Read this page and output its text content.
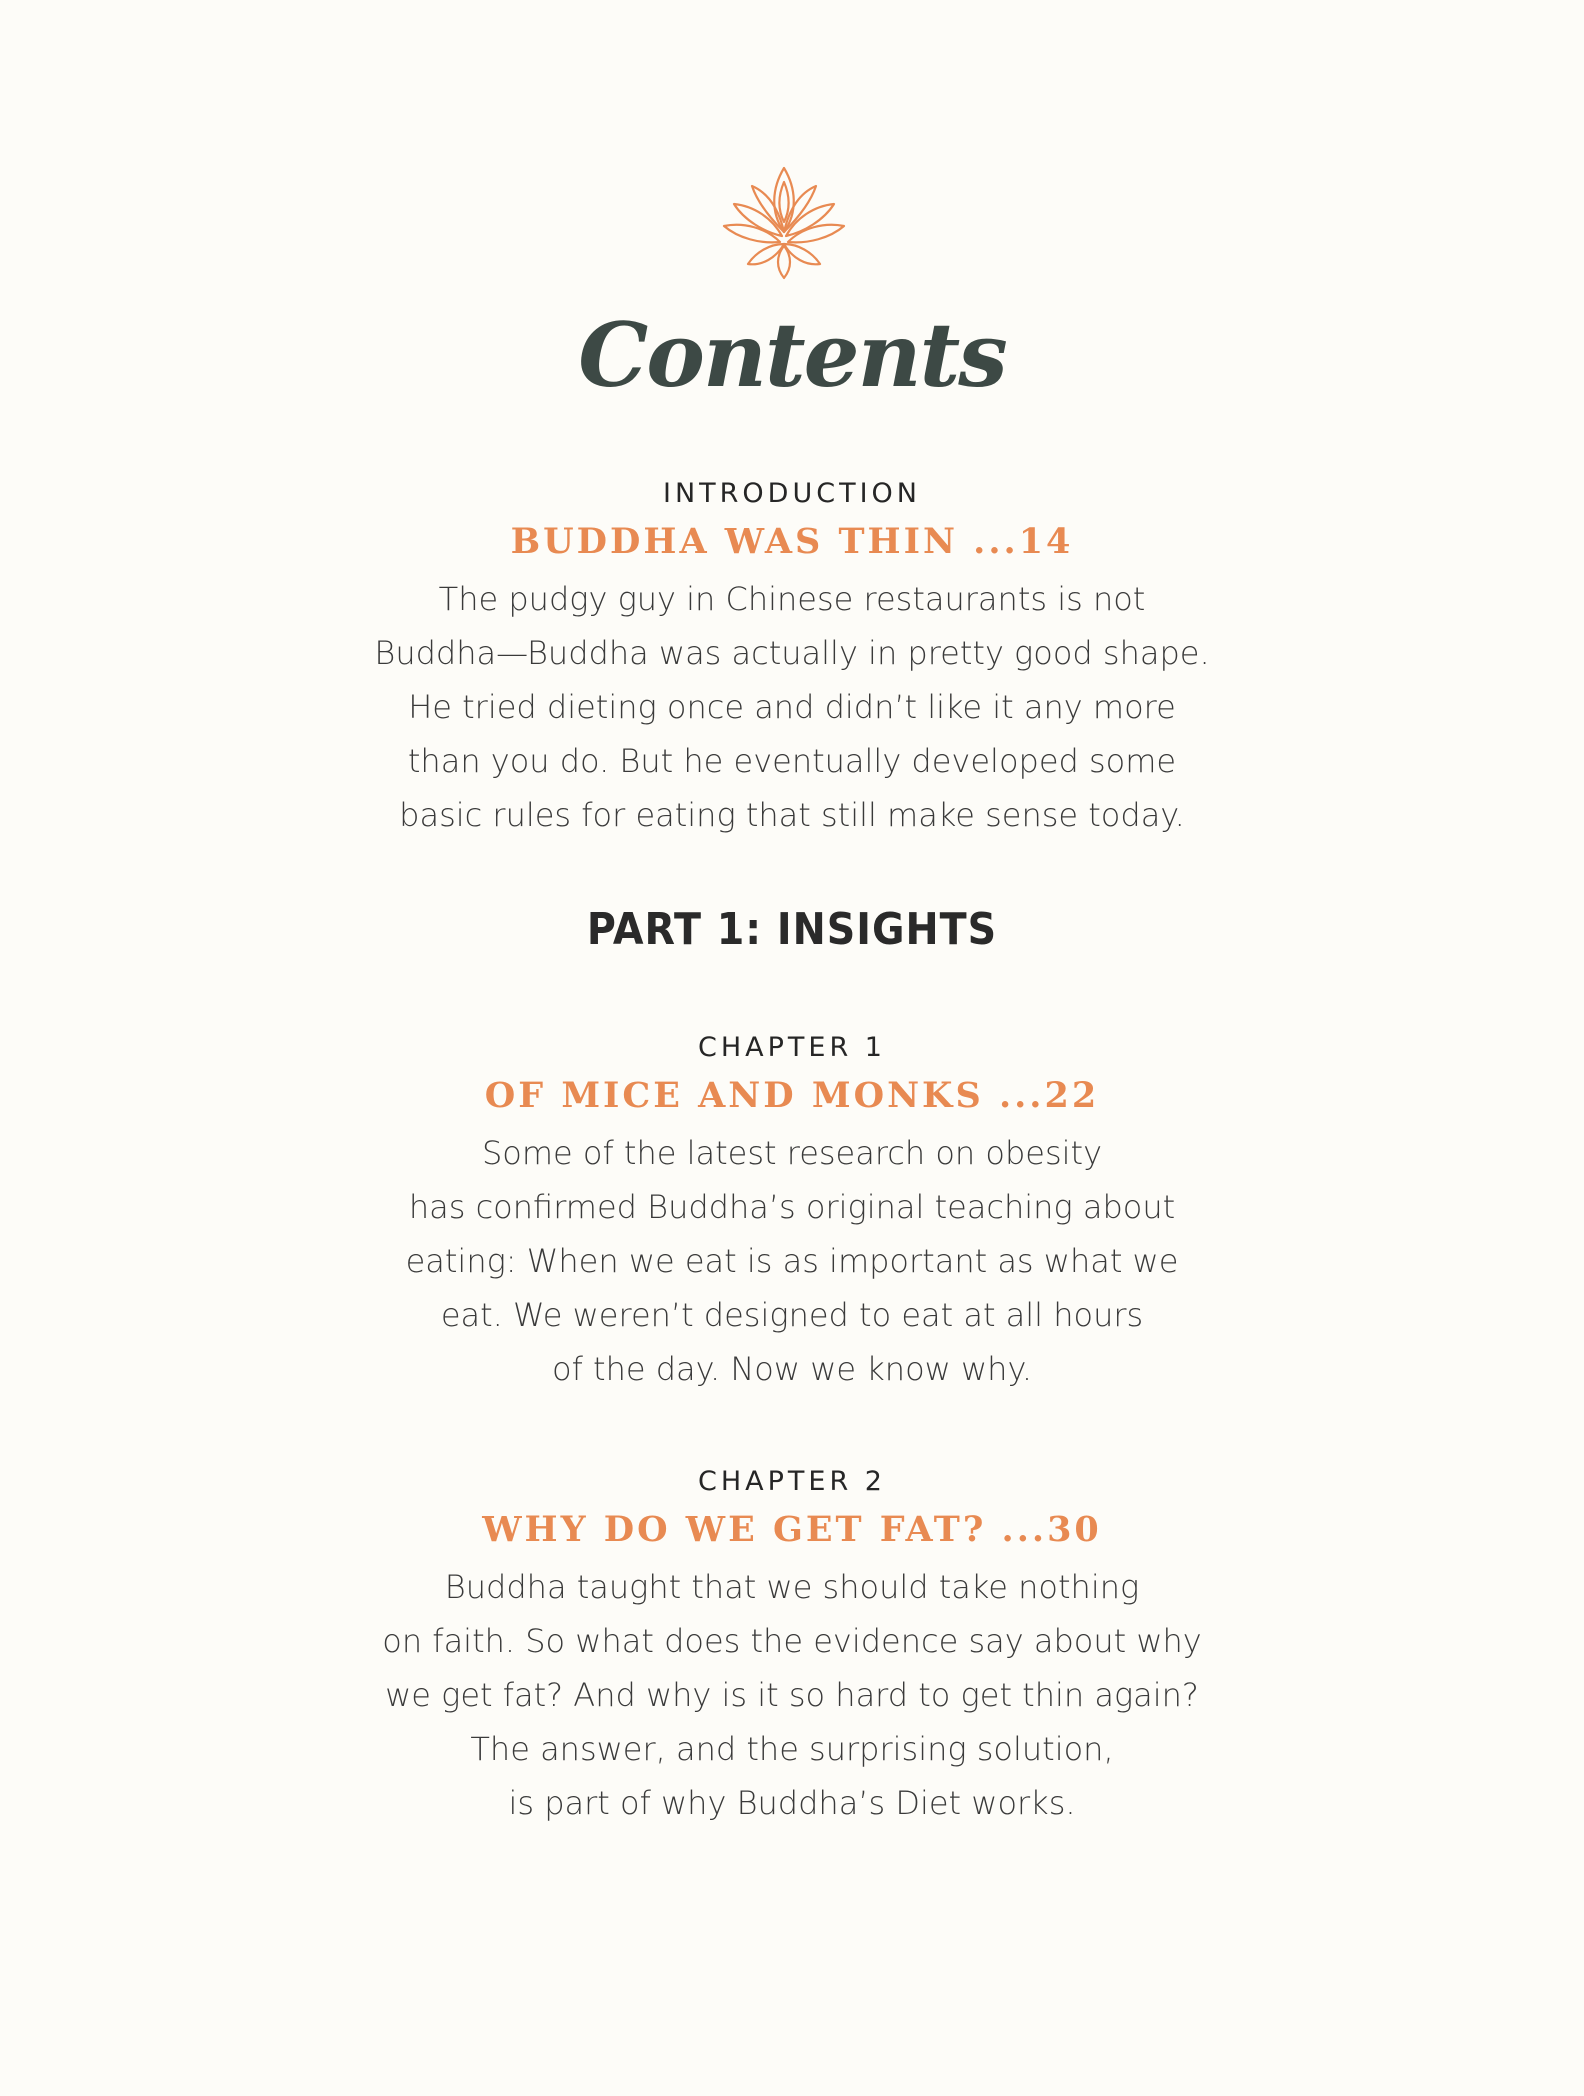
Contents

INTRODUCTION

BUDDHA WAS THIN ...14

The pudgy guy in Chinese restaurants is not
Buddha—Buddha was actually in pretty good shape.
He tried dieting once and didn’t like it any more
than you do. But he eventually developed some
basic rules for eating that still make sense today.

PART 1: INSIGHTS

CHAPTER 1

OF MICE AND MONKS ...22

Some of the latest research on obesity
has confirmed Buddha’s original teaching about
eating: When we eat is as important as what we
eat. We weren’t designed to eat at all hours
of the day. Now we know why.

CHAPTER 2

WHY DO WE GET FAT? ...30

Buddha taught that we should take nothing
on faith. So what does the evidence say about why
we get fat? And why is it so hard to get thin again?
The answer, and the surprising solution,
is part of why Buddha’s Diet works.
